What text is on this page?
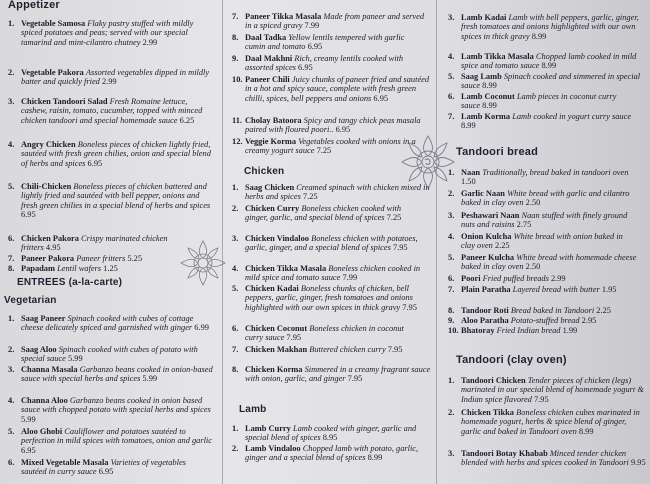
Appetizer
1. Vegetable Samosa Flaky pastry stuffed with mildly spiced potatoes and peas; served with our special tamarind and mint-cilantro chutney 2.99
2. Vegetable Pakora Assorted vegetables dipped in mildly batter and quickly fried 2.99
3. Chicken Tandoori Salad Fresh Romaine lettuce, cashew, raisin, tomato, cucumber, topped with minced chicken tandoori and special homemade sauce 6.25
4. Angry Chicken Boneless pieces of chicken lightly fried, sautéed with fresh green chilies, onion and special blend of herbs and spices 6.95
5. Chili-Chicken Boneless pieces of chicken battered and lightly fried and sautéed with bell pepper, onions and fresh green chilies in a special blend of herbs and spices 6.95
6. Chicken Pakora Crispy marinated chicken fritters 4.95
7. Paneer Pakora Paneer fritters 5.25
8. Papadam Lentil wafers 1.25
ENTREES (a-la-carte)
Vegetarian
1. Saag Paneer Spinach cooked with cubes of cottage cheese delicately spiced and garnished with ginger 6.99
2. Saag Aloo Spinach cooked with cubes of potato with special sauce 5.99
3. Channa Masala Garbanzo beans cooked in onion-based sauce with special herbs and spices 5.99
4. Channa Aloo Garbanzo beans cooked in onion based sauce with chopped potato with special herbs and spices 5.99
5. Aloo Ghobi Cauliflower and potatoes sautéed to perfection in mild spices with tomatoes, onion and garlic 6.95
6. Mixed Vegetable Masala Varieties of vegetables sautéed in curry sauce 6.95
7. Paneer Tikka Masala Made from paneer and served in a spiced gravy 7.99
8. Daal Tadka Yellow lentils tempered with garlic cumin and tomato 6.95
9. Daal Makhni Rich, creamy lentils cooked with assorted spices 6.95
10. Paneer Chili Juicy chunks of paneer fried and sautéed in a hot and spicy sauce, complete with fresh green chilli, spices, bell peppers and onions 6.95
11. Cholay Batoora Spicy and tangy chick peas masala paired with floured poori.. 6.95
12. Veggie Korma Vegetables cooked with onions in a creamy yogurt sauce 7.25
Chicken
1. Saag Chicken Creamed spinach with chicken mixed in herbs and spices 7.25
2. Chicken Curry Boneless chicken cooked with ginger, garlic, and special blend of spices 7.25
3. Chicken Vindaloo Boneless chicken with potatoes, garlic, ginger, and a special blend of spices 7.95
4. Chicken Tikka Masala Boneless chicken cooked in mild spice and tomato sauce 7.99
5. Chicken Kadai Boneless chunks of chicken, bell peppers, garlic, ginger, fresh tomatoes and onions highlighted with our own spices in thick gravy 7.95
6. Chicken Coconut Boneless chicken in coconut curry sauce 7.95
7. Chicken Makhan Buttered chicken curry 7.95
8. Chicken Korma Simmered in a creamy fragrant sauce with onion, garlic, and ginger 7.95
Lamb
1. Lamb Curry Lamb cooked with ginger, garlic and special blend of spices 8.95
2. Lamb Vindaloo Chopped lamb with potato, garlic, ginger and a special blend of spices 8.99
3. Lamb Kadai Lamb with bell peppers, garlic, ginger, fresh tomatoes and onions highlighted with our own spices in thick gravy 8.99
4. Lamb Tikka Masala Chopped lamb cooked in mild spice and tomato sauce 8.99
5. Saag Lamb Spinach cooked and simmered in special sauce 8.99
6. Lamb Coconut Lamb pieces in coconut curry sauce 8.99
7. Lamb Korma Lamb cooked in yogurt curry sauce 8.99
Tandoori bread
1. Naan Traditionally, bread baked in tandoori oven 1.50
2. Garlic Naan White bread with garlic and cilantro baked in clay oven 2.50
3. Peshawari Naan Naan stuffed with finely ground nuts and raisins 2.75
4. Onion Kulcha White bread with onion baked in clay oven 2.25
5. Paneer Kulcha White bread with homemade cheese baked in clay oven 2.50
6. Poori Fried puffed breads 2.99
7. Plain Paratha Layered bread with butter 1.95
8. Tandoor Roti Bread baked in Tandoori 2.25
9. Aloo Paratha Potato-stuffed bread 2.95
10. Bhatoray Fried Indian bread 1.99
Tandoori (clay oven)
1. Tandoori Chicken Tender pieces of chicken (legs) marinated in our special blend of homemade yogurt & Indian spice flavored 7.95
2. Chicken Tikka Boneless chicken cubes marinated in homemade yogurt, herbs & spice blend of ginger, garlic and baked in Tandoori oven 8.99
3. Tandoori Botay Khabab Minced tender chicken blended with herbs and spices cooked in Tandoori 9.95
